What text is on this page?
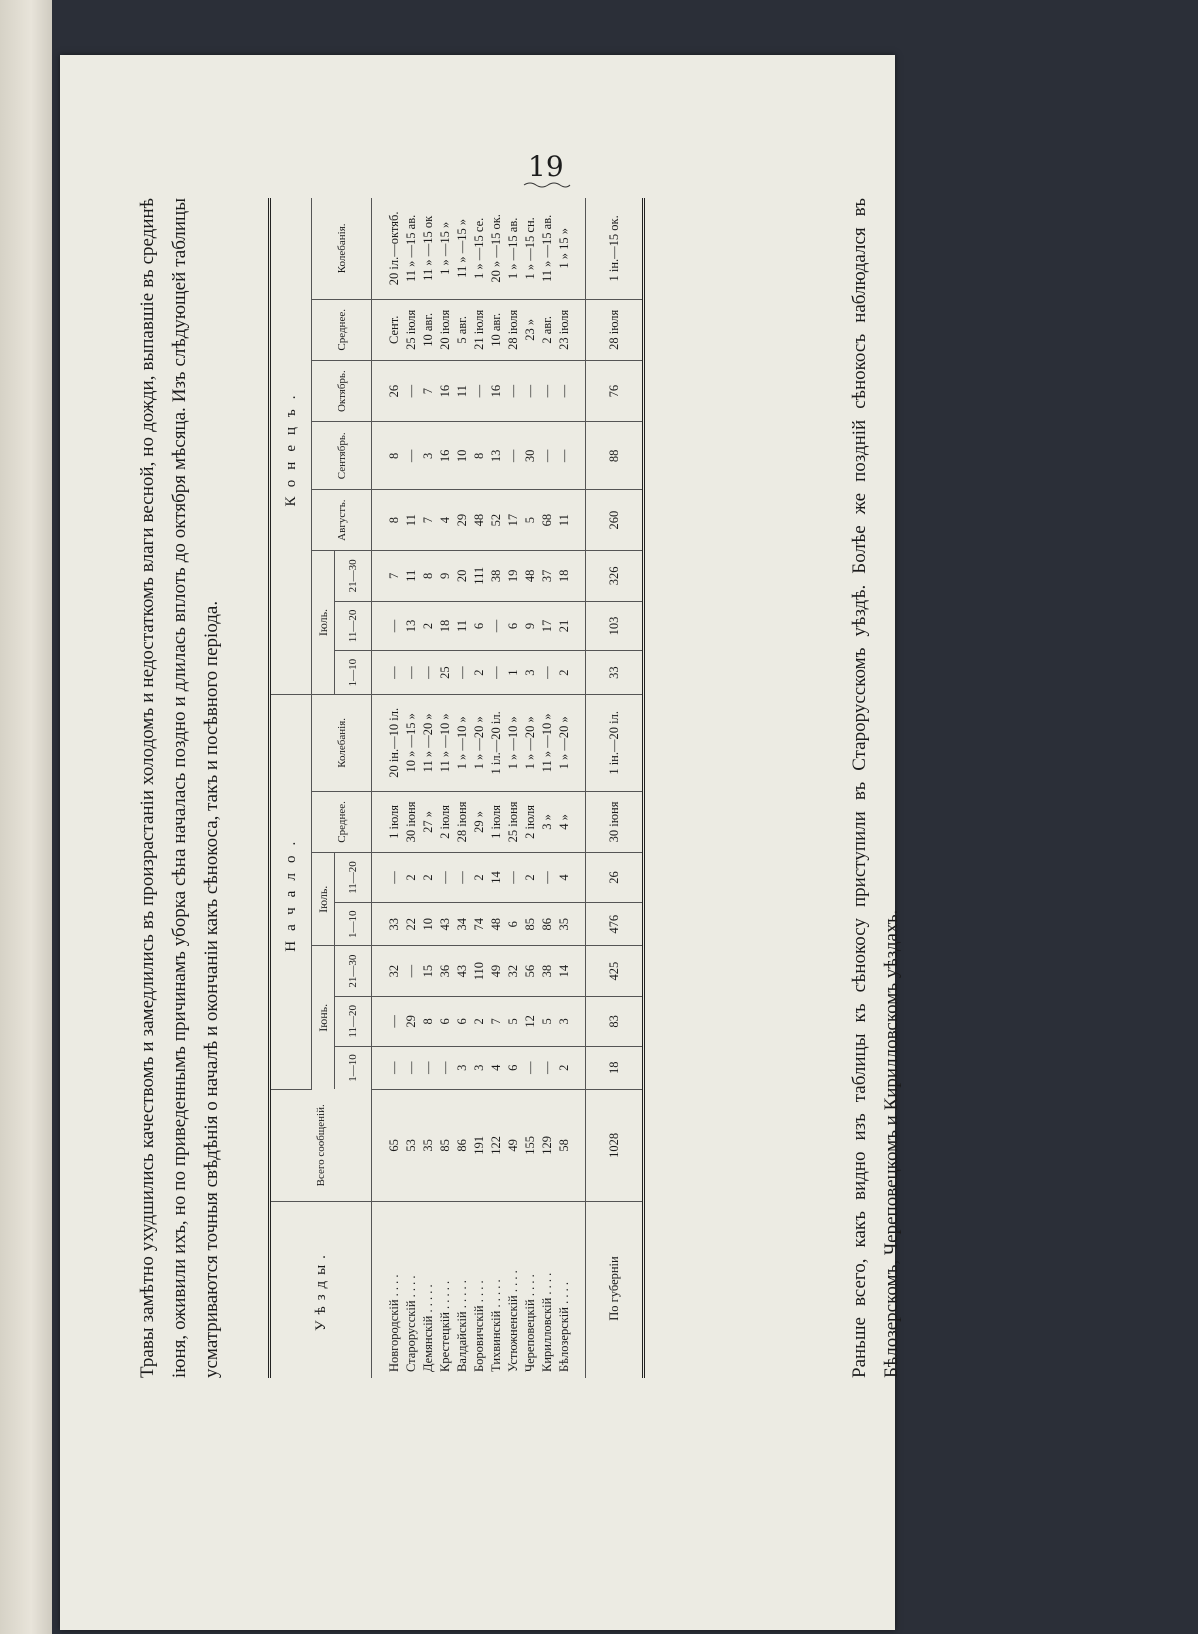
19

Травы замѣтно ухудшились качествомъ и замедлились въ произрастаніи холодомъ и недостаткомъ влаги весной, но дожди, выпавшіе въ срединѣ іюня, оживили ихъ, но по приведеннымъ причинамъ уборка сѣна началась поздно и длилась вплоть до октября мѣсяца. Изъ слѣдующей таблицы усматриваются точныя свѣдѣнія о началѣ и окончаніи какъ сѣнокоса, такъ и посѣвного періода.	Уѣзды.	Всего сообщеній.	Начало.							Конецъ.							
		Іюнь.			Іюль.		Среднее.	Колебанія.	Іюль.			Августъ.	Сентябрь.	Октябрь.	Среднее.	Колебанія.
		1—10	11—20	21—30	1—10	11—20			1—10	11—20	21—30					
Новгородскій . . . .	65	—	—	32	33	—	1 іюля	20 ін.—10 іл.	—	—	7	8	8	26	Сент.	20 іл.—октяб.
Старорусскій . . . .	53	—	29	—	22	2	30 іюня	10 » —15 »	—	13	11	11	—	—	25 іюля	11 » —15 ав.
Демянскій . . . . .	35	—	8	15	10	2	27 »	11 » —20 »	—	2	8	7	3	7	10 авг.	11 » —15 ок
Крестецкій . . . . .	85	—	6	36	43	—	2 іюля	11 » —10 »	25	18	9	4	16	16	20 іюля	1 » —15 »
Валдайскій . . . . .	86	3	6	43	34	—	28 іюня	1 » —10 »	—	11	20	29	10	11	5 авг.	11 » —15 »
Боровичскій . . . .	191	3	2	110	74	2	29 »	1 » —20 »	2	6	111	48	8	—	21 іюля	1 » —15 се.
Тихвинскій . . . . .	122	4	7	49	48	14	1 іюля	1 іл.—20 іл.	—	—	38	52	13	16	10 авг.	20 » —15 ок.
Устюжненскій . . . .	49	6	5	32	6	—	25 іюня	1 » —10 »	1	6	19	17	—	—	28 іюля	1 » —15 ав.
Череповецкій . . . .	155	—	12	56	85	2	2 іюля	1 » —20 »	3	9	48	5	30	—	23 »	1 » —15 сн.
Кирилловскій . . . .	129	—	5	38	86	—	3 »	11 » —10 »	—	17	37	68	—	—	2 авг.	11 » —15 ав.
Бѣлозерскій . . . .	58	2	3	14	35	4	4 »	1 » —20 »	2	21	18	11	—	—	23 іюля	1 » 15 »
По губерніи	1028	18	83	425	476	26	30 іюня	1 ін.—20 іл.	33	103	326	260	88	76	28 іюля	1 ін.—15 ок.	Раньше всего, какъ видно изъ таблицы къ сѣнокосу приступили въ Старорусскомъ уѣздѣ. Болѣе же поздній сѣнокосъ наблюдался въ Бѣлозерскомъ, Череповецкомъ и Кирилловскомъ уѣздахъ.
